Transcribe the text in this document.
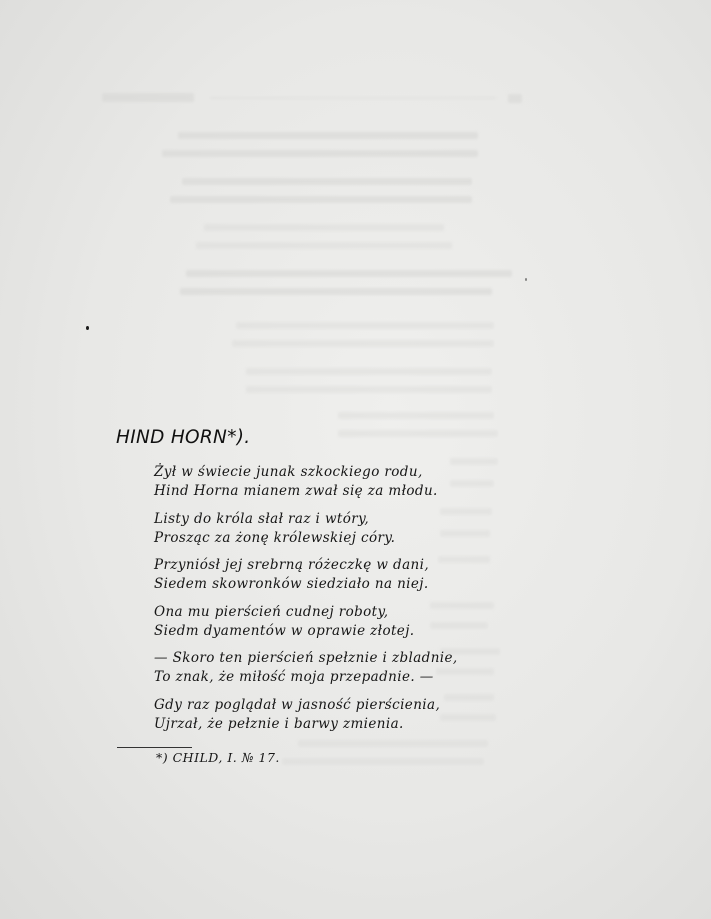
HIND HORN*).

Żył w świecie junak szkockiego rodu,
Hind Horna mianem zwał się za młodu.

Listy do króla słał raz i wtóry,
Prosząc za żonę królewskiej córy.

Przyniósł jej srebrną różeczkę w dani,
Siedem skowronków siedziało na niej.

Ona mu pierścień cudnej roboty,
Siedm dyamentów w oprawie złotej.

— Skoro ten pierścień spełznie i zbladnie,
To znak, że miłość moja przepadnie. —

Gdy raz poglądał w jasność pierścienia,
Ujrzał, że pełznie i barwy zmienia.

*) CHILD, I. № 17.
